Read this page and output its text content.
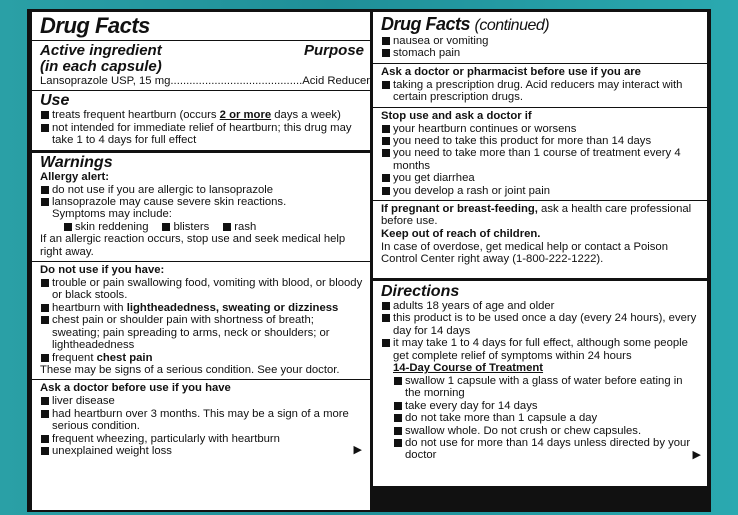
Drug Facts
Active ingredient	Purpose
(in each capsule)
Lansoprazole USP, 15 mg .......................................... Acid Reducer
Use
treats frequent heartburn (occurs 2 or more days a week)
not intended for immediate relief of heartburn; this drug may take 1 to 4 days for full effect
Warnings
Allergy alert:
do not use if you are allergic to lansoprazole
lansoprazole may cause severe skin reactions.
Symptoms may include:
skin reddening	blisters	rash
If an allergic reaction occurs, stop use and seek medical help right away.
Do not use if you have:
trouble or pain swallowing food, vomiting with blood, or bloody or black stools.
heartburn with lightheadedness, sweating or dizziness
chest pain or shoulder pain with shortness of breath; sweating; pain spreading to arms, neck or shoulders; or lightheadedness
frequent chest pain
These may be signs of a serious condition. See your doctor.
Ask a doctor before use if you have
liver disease
had heartburn over 3 months. This may be a sign of a more serious condition.
frequent wheezing, particularly with heartburn
unexplained weight loss	▶
Drug Facts (continued)
nausea or vomiting
stomach pain
Ask a doctor or pharmacist before use if you are
taking a prescription drug. Acid reducers may interact with certain prescription drugs.
Stop use and ask a doctor if
your heartburn continues or worsens
you need to take this product for more than 14 days
you need to take more than 1 course of treatment every 4 months
you get diarrhea
you develop a rash or joint pain
If pregnant or breast-feeding, ask a health care professional before use.
Keep out of reach of children.
In case of overdose, get medical help or contact a Poison Control Center right away (1-800-222-1222).
Directions
adults 18 years of age and older
this product is to be used once a day (every 24 hours), every day for 14 days
it may take 1 to 4 days for full effect, although some people get complete relief of symptoms within 24 hours
14-Day Course of Treatment
swallow 1 capsule with a glass of water before eating in the morning
take every day for 14 days
do not take more than 1 capsule a day
swallow whole. Do not crush or chew capsules.
do not use for more than 14 days unless directed by your doctor	▶
